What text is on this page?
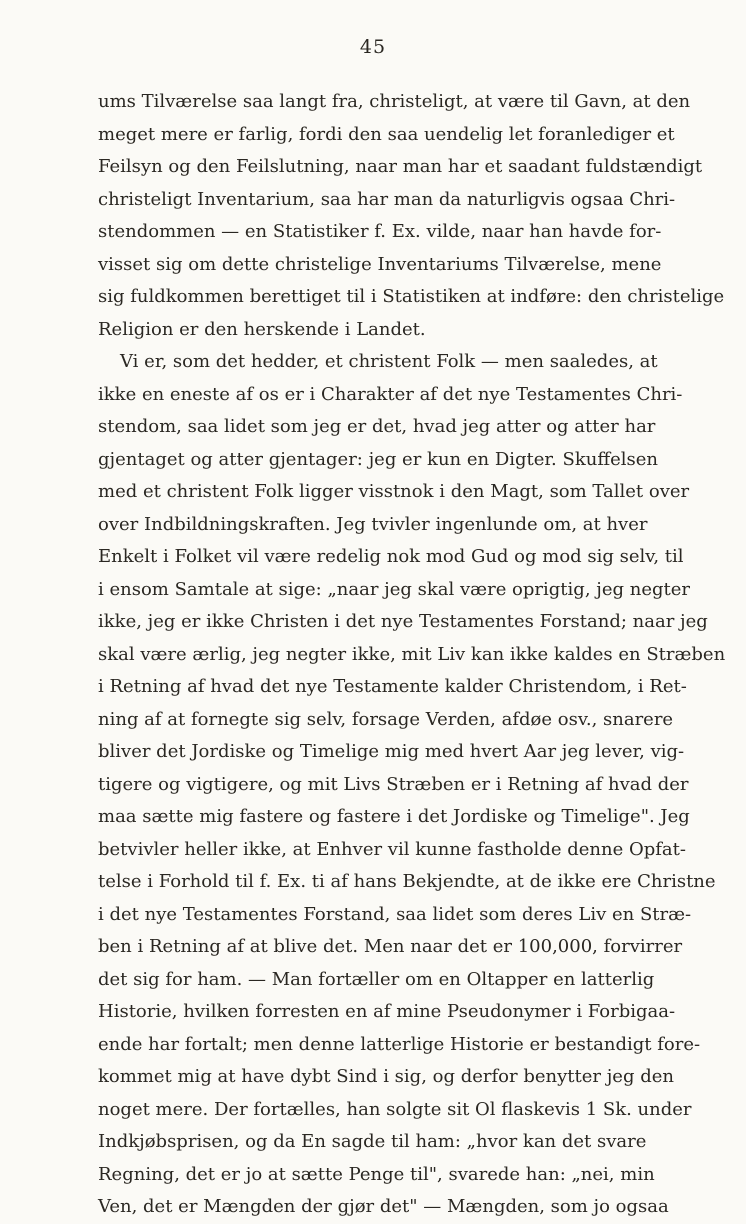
45
ums Tilværelse saa langt fra, christeligt, at være til Gavn, at den
meget mere er farlig, fordi den saa uendelig let foranlediger et
Feilsyn og den Feilslutning, naar man har et saadant fuldstændigt
christeligt Inventarium, saa har man da naturligvis ogsaa Chri-
stendommen — en Statistiker f. Ex. vilde, naar han havde for-
visset sig om dette christelige Inventariums Tilværelse, mene
sig fuldkommen berettiget til i Statistiken at indføre: den christelige
Religion er den herskende i Landet.
Vi er, som det hedder, et christent Folk — men saaledes, at
ikke en eneste af os er i Charakter af det nye Testamentes Chri-
stendom, saa lidet som jeg er det, hvad jeg atter og atter har
gjentaget og atter gjentager: jeg er kun en Digter. Skuffelsen
med et christent Folk ligger visstnok i den Magt, som Tallet over
over Indbildningskraften. Jeg tvivler ingenlunde om, at hver
Enkelt i Folket vil være redelig nok mod Gud og mod sig selv, til
i ensom Samtale at sige: „naar jeg skal være oprigtig, jeg negter
ikke, jeg er ikke Christen i det nye Testamentes Forstand; naar jeg
skal være ærlig, jeg negter ikke, mit Liv kan ikke kaldes en Stræben
i Retning af hvad det nye Testamente kalder Christendom, i Ret-
ning af at fornegte sig selv, forsage Verden, afdøe osv., snarere
bliver det Jordiske og Timelige mig med hvert Aar jeg lever, vig-
tigere og vigtigere, og mit Livs Stræben er i Retning af hvad der
maa sætte mig fastere og fastere i det Jordiske og Timelige". Jeg
betvivler heller ikke, at Enhver vil kunne fastholde denne Opfat-
telse i Forhold til f. Ex. ti af hans Bekjendte, at de ikke ere Christne
i det nye Testamentes Forstand, saa lidet som deres Liv en Stræ-
ben i Retning af at blive det. Men naar det er 100,000, forvirrer
det sig for ham. — Man fortæller om en Oltapper en latterlig
Historie, hvilken forresten en af mine Pseudonymer i Forbigaa-
ende har fortalt; men denne latterlige Historie er bestandigt fore-
kommet mig at have dybt Sind i sig, og derfor benytter jeg den
noget mere. Der fortælles, han solgte sit Ol flaskevis 1 Sk. under
Indkjøbsprisen, og da En sagde til ham: „hvor kan det svare
Regning, det er jo at sætte Penge til", svarede han: „nei, min
Ven, det er Mængden der gjør det" — Mængden, som jo ogsaa
